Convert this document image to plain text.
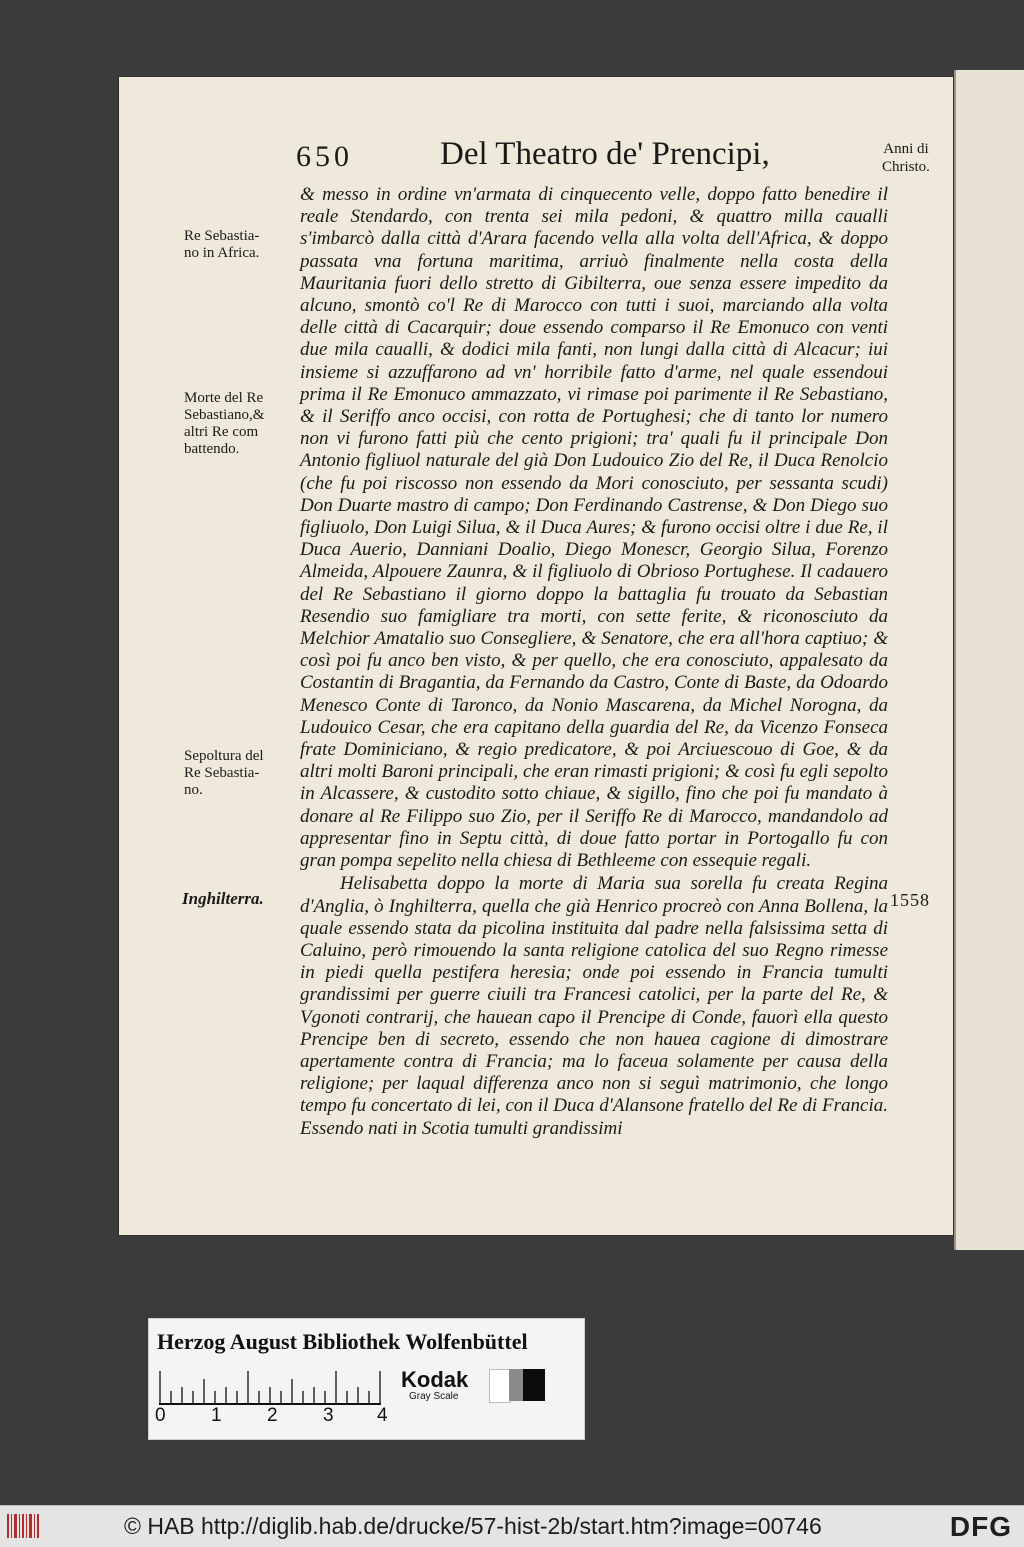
650	Del Theatro de' Prencipi,	Anni di
Christo.
Re Sebastia-
no in Africa.
Morte del Re
Sebastiano,&
altri Re com
battendo.
Sepoltura del
Re Sebastia-
no.
Inghilterra.	1558

& messo in ordine vn'armata di cinquecento velle, doppo fatto benedire il reale Stendardo, con trenta sei mila pedoni, & quattro milla caualli s'imbarcò dalla città d'Arara facendo vella alla volta dell'Africa, & doppo passata vna fortuna maritima, arriuò finalmente nella costa della Mauritania fuori dello stretto di Gibilterra, oue senza essere impedito da alcuno, smontò co'l Re di Marocco con tutti i suoi, marciando alla volta delle città di Cacarquir; doue essendo comparso il Re Emonuco con venti due mila caualli, & dodici mila fanti, non lungi dalla città di Alcacur; iui insieme si azzuffarono ad vn' horribile fatto d'arme, nel quale essendoui prima il Re Emonuco ammazzato, vi rimase poi parimente il Re Sebastiano, & il Seriffo anco occisi, con rotta de Portughesi; che di tanto lor numero non vi furono fatti più che cento prigioni; tra' quali fu il principale Don Antonio figliuol naturale del già Don Ludouico Zio del Re, il Duca Renolcio (che fu poi riscosso non essendo da Mori conosciuto, per sessanta scudi) Don Duarte mastro di campo; Don Ferdinando Castrense, & Don Diego suo figliuolo, Don Luigi Silua, & il Duca Aures; & furono occisi oltre i due Re, il Duca Auerio, Danniani Doalio, Diego Monescr, Georgio Silua, Forenzo Almeida, Alpouere Zaunra, & il figliuolo di Obrioso Portughese. Il cadauero del Re Sebastiano il giorno doppo la battaglia fu trouato da Sebastian Resendio suo famigliare tra morti, con sette ferite, & riconosciuto da Melchior Amatalio suo Consegliere, & Senatore, che era all'hora captiuo; & così poi fu anco ben visto, & per quello, che era conosciuto, appalesato da Costantin di Bragantia, da Fernando da Castro, Conte di Baste, da Odoardo Menesco Conte di Taronco, da Nonio Mascarena, da Michel Norogna, da Ludouico Cesar, che era capitano della guardia del Re, da Vicenzo Fonseca frate Dominiciano, & regio predicatore, & poi Arciuescouo di Goe, & da altri molti Baroni principali, che eran rimasti prigioni; & così fu egli sepolto in Alcassere, & custodito sotto chiaue, & sigillo, fino che poi fu mandato à donare al Re Filippo suo Zio, per il Seriffo Re di Marocco, mandandolo ad appresentar fino in Septu città, di doue fatto portar in Portogallo fu con gran pompa sepelito nella chiesa di Bethleeme con essequie regali.

Helisabetta doppo la morte di Maria sua sorella fu creata Regina d'Anglia, ò Inghilterra, quella che già Henrico procreò con Anna Bollena, la quale essendo stata da picolina instituita dal padre nella falsissima setta di Caluino, però rimouendo la santa religione catolica del suo Regno rimesse in piedi quella pestifera heresia; onde poi essendo in Francia tumulti grandissimi per guerre ciuili tra Francesi catolici, per la parte del Re, & Vgonoti contrarij, che hauean capo il Prencipe di Conde, fauorì ella questo Prencipe ben di secreto, essendo che non hauea cagione di dimostrare apertamente contra di Francia; ma lo faceua solamente per causa della religione; per laqual differenza anco non si seguì matrimonio, che longo tempo fu concertato di lei, con il Duca d'Alansone fratello del Re di Francia. Essendo nati in Scotia tumulti grandissimi

Herzog August Bibliothek Wolfenbüttel
0 1 2 3 4
Kodak
Gray Scale
© HAB http://diglib.hab.de/drucke/57-hist-2b/start.htm?image=00746	DFG
